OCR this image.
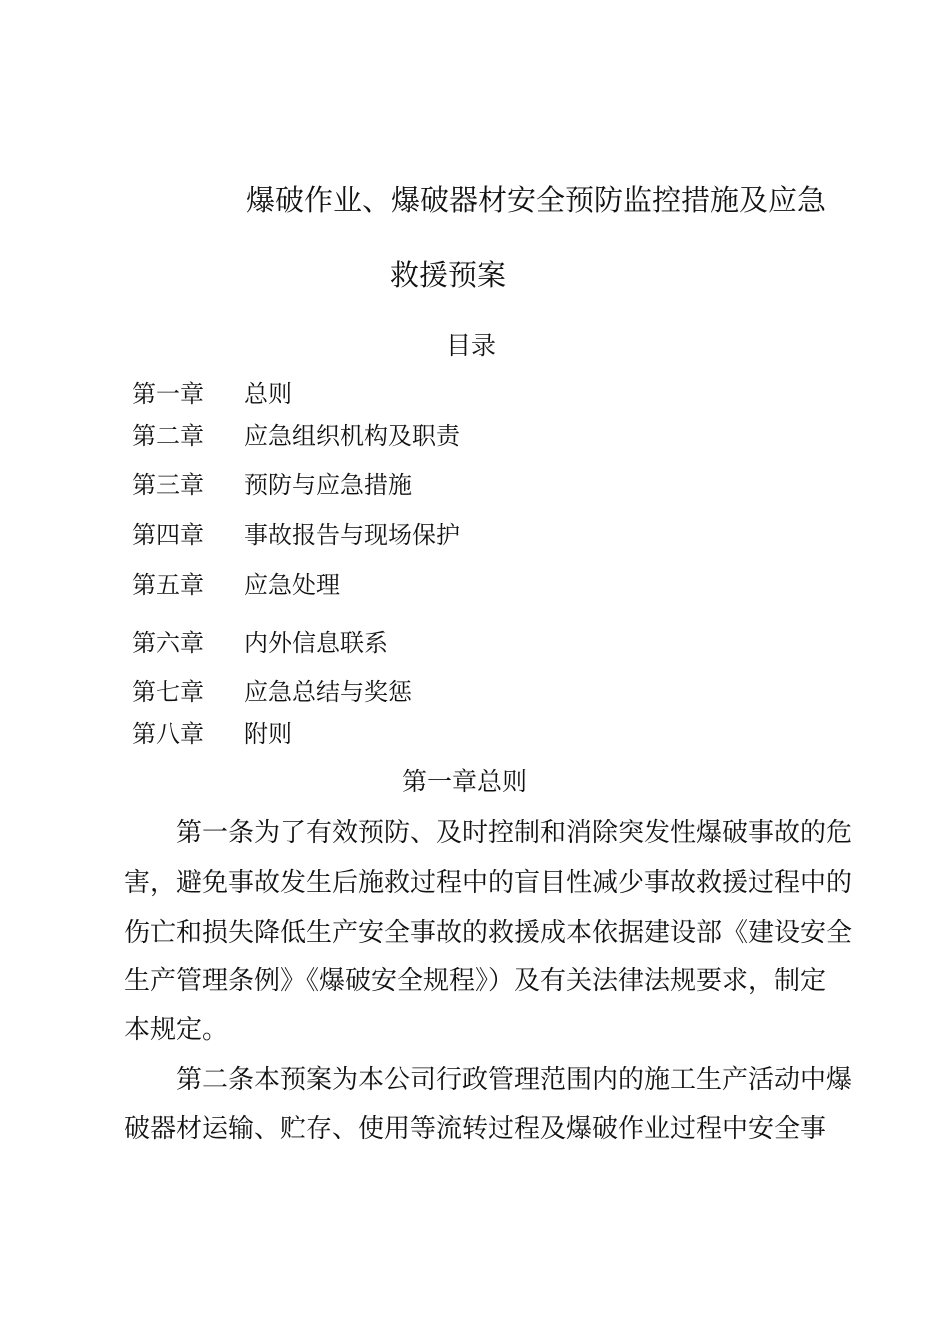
爆破作业、爆破器材安全预防监控措施及应急
救援预案
目录
第一章 总则
第二章 应急组织机构及职责
第三章 预防与应急措施
第四章 事故报告与现场保护
第五章 应急处理
第六章 内外信息联系
第七章 应急总结与奖惩
第八章 附则
第一章总则
第一条为了有效预防、及时控制和消除突发性爆破事故的危
害，避免事故发生后施救过程中的盲目性减少事故救援过程中的
伤亡和损失降低生产安全事故的救援成本依据建设部《建设安全
生产管理条例》《爆破安全规程》）及有关法律法规要求，制定
本规定。
第二条本预案为本公司行政管理范围内的施工生产活动中爆
破器材运输、贮存、使用等流转过程及爆破作业过程中安全事
